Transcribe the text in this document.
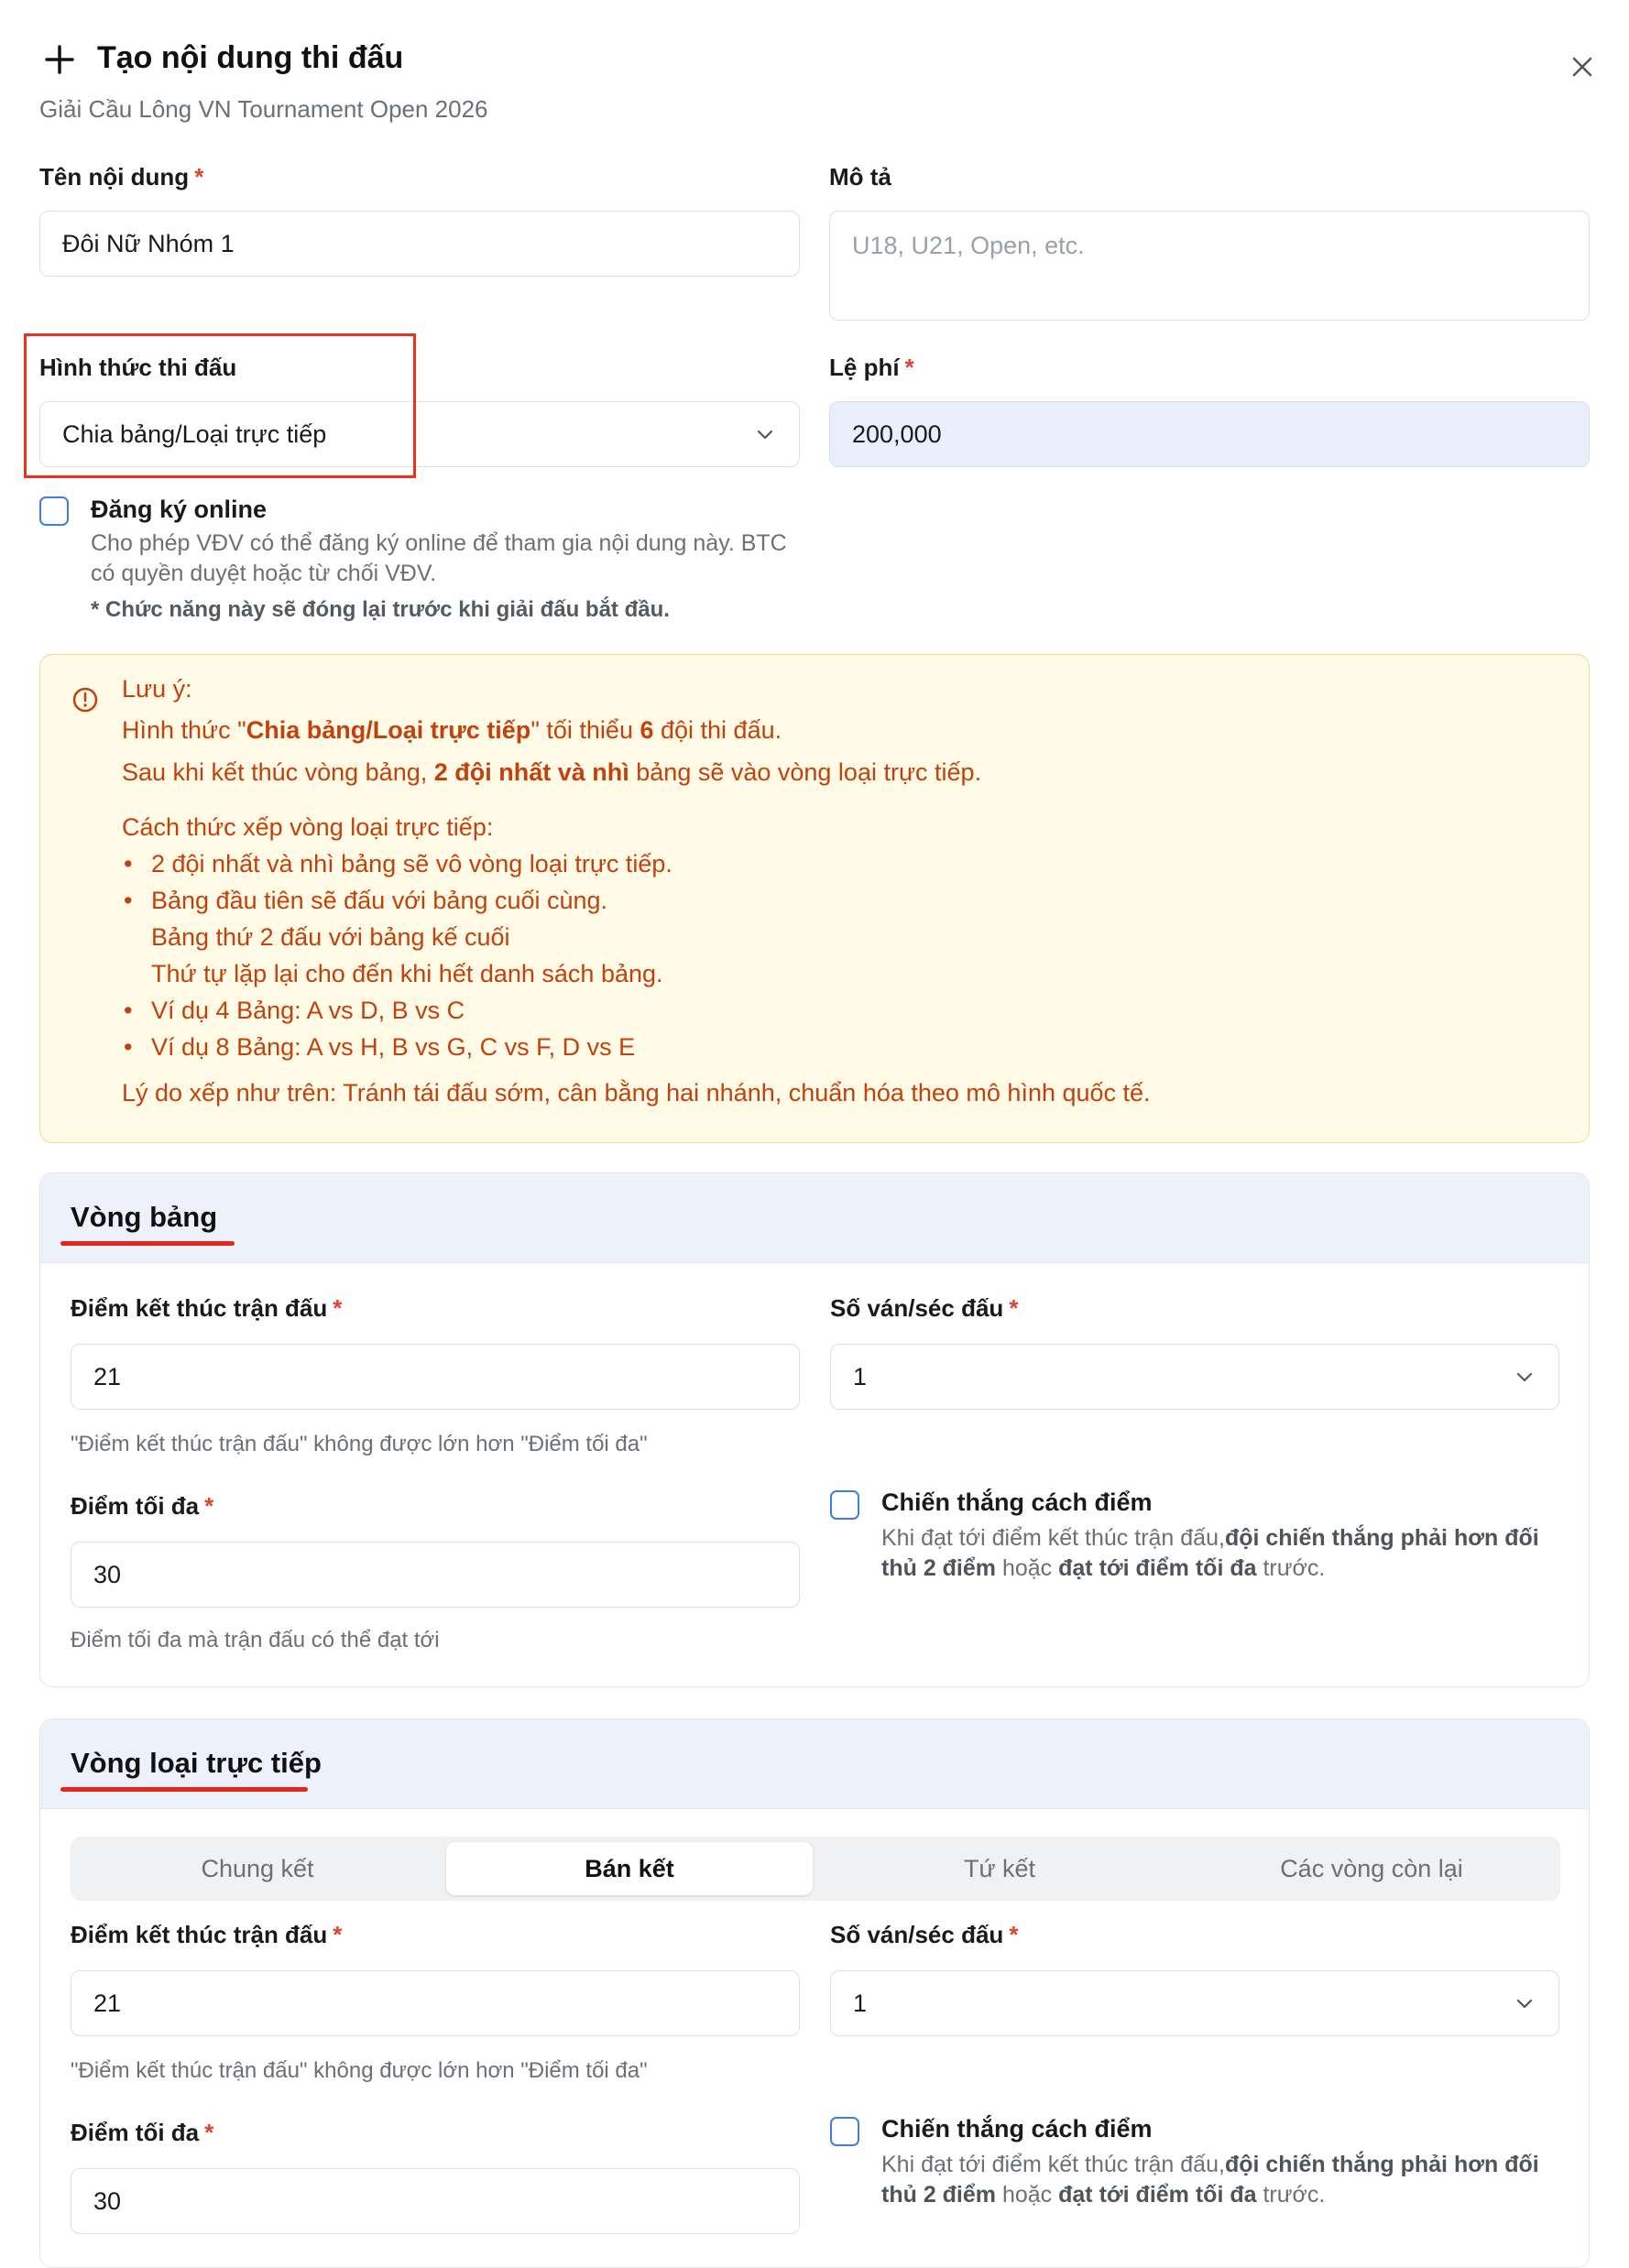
Tạo nội dung thi đấu
Giải Cầu Lông VN Tournament Open 2026
Tên nội dung *
Đôi Nữ Nhóm 1
Mô tả
U18, U21, Open, etc.
Hình thức thi đấu
Chia bảng/Loại trực tiếp
Lệ phí *
200,000
Đăng ký online
Cho phép VĐV có thể đăng ký online để tham gia nội dung này. BTC
có quyền duyệt hoặc từ chối VĐV.
* Chức năng này sẽ đóng lại trước khi giải đấu bắt đầu.
Lưu ý:
Hình thức "Chia bảng/Loại trực tiếp" tối thiểu 6 đội thi đấu.
Sau khi kết thúc vòng bảng, 2 đội nhất và nhì bảng sẽ vào vòng loại trực tiếp.
Cách thức xếp vòng loại trực tiếp:
• 2 đội nhất và nhì bảng sẽ vô vòng loại trực tiếp.
• Bảng đầu tiên sẽ đấu với bảng cuối cùng.
Bảng thứ 2 đấu với bảng kế cuối
Thứ tự lặp lại cho đến khi hết danh sách bảng.
• Ví dụ 4 Bảng: A vs D, B vs C
• Ví dụ 8 Bảng: A vs H, B vs G, C vs F, D vs E
Lý do xếp như trên: Tránh tái đấu sớm, cân bằng hai nhánh, chuẩn hóa theo mô hình quốc tế.
Vòng bảng
Điểm kết thúc trận đấu *
21
"Điểm kết thúc trận đấu" không được lớn hơn "Điểm tối đa"
Số ván/séc đấu *
1
Điểm tối đa *
30
Điểm tối đa mà trận đấu có thể đạt tới
Chiến thắng cách điểm
Khi đạt tới điểm kết thúc trận đấu,đội chiến thắng phải hơn đối
thủ 2 điểm hoặc đạt tới điểm tối đa trước.
Vòng loại trực tiếp
Chung kết	Bán kết	Tứ kết	Các vòng còn lại
Điểm kết thúc trận đấu *
21
"Điểm kết thúc trận đấu" không được lớn hơn "Điểm tối đa"
Số ván/séc đấu *
1
Điểm tối đa *
30
Chiến thắng cách điểm
Khi đạt tới điểm kết thúc trận đấu,đội chiến thắng phải hơn đối
thủ 2 điểm hoặc đạt tới điểm tối đa trước.
